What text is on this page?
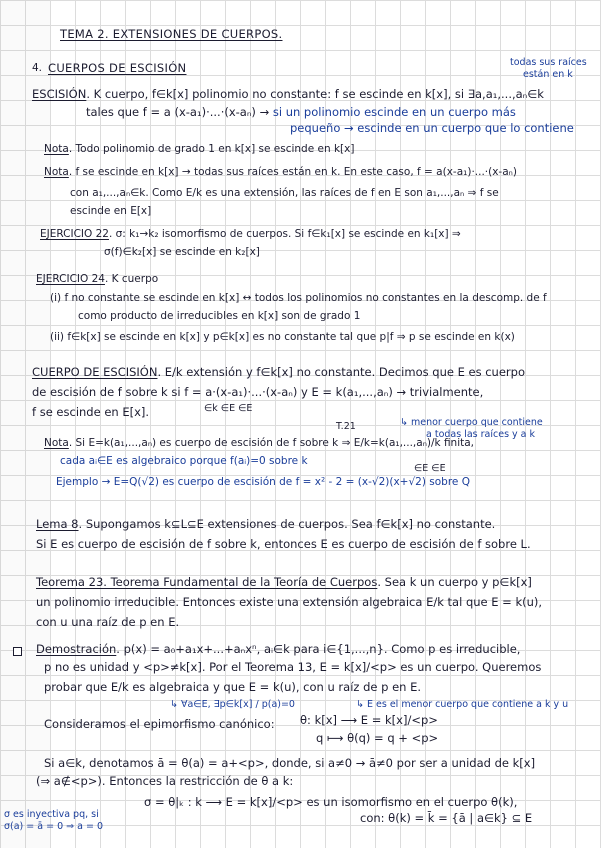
TEMA 2. EXTENSIONES DE CUERPOS.
4. CUERPOS DE ESCISIÓN	todas sus raíces
están en k
ESCISIÓN. K cuerpo, f∈k[x] polinomio no constante: f se escinde en k[x], si ∃a,a₁,...,aₙ∈k
tales que f = a (x-a₁)·...·(x-aₙ) → si un polinomio escinde en un cuerpo más
pequeño → escinde en un cuerpo que lo contiene
Nota. Todo polinomio de grado 1 en k[x] se escinde en k[x]
Nota. f se escinde en k[x] → todas sus raíces están en k. En este caso, f = a(x-a₁)·...·(x-aₙ)
con a₁,...,aₙ∈k. Como E/k es una extensión, las raíces de f en E son a₁,...,aₙ ⇒ f se
escinde en E[x]
EJERCICIO 22. σ: k₁→k₂ isomorfismo de cuerpos. Si f∈k₁[x] se escinde en k₁[x] ⇒
σ(f)∈k₂[x] se escinde en k₂[x]
EJERCICIO 24. K cuerpo
(i) f no constante se escinde en k[x] ↔ todos los polinomios no constantes en la descomp. de f
como producto de irreducibles en k[x] son de grado 1
(ii) f∈k[x] se escinde en k[x] y p∈k[x] es no constante tal que p|f ⇒ p se escinde en k(x)
CUERPO DE ESCISIÓN. E/k extensión y f∈k[x] no constante. Decimos que E es cuerpo
de escisión de f sobre k si f = a·(x-a₁)·...·(x-aₙ) y E = k(a₁,...,aₙ) → trivialmente,
∈k ∈E ∈E
f se escinde en E[x].
↳ menor cuerpo que contiene
a todas las raíces y a k
T.21
Nota. Si E=k(a₁,...,aₙ) es cuerpo de escisión de f sobre k ⇒ E/k=k(a₁,...,aₙ)/k finita,
cada aᵢ∈E es algebraico porque f(aᵢ)=0 sobre k
∈E ∈E
Ejemplo → E=Q(√2) es cuerpo de escisión de f = x² - 2 = (x-√2)(x+√2) sobre Q
Lema 8. Supongamos k⊆L⊆E extensiones de cuerpos. Sea f∈k[x] no constante.
Si E es cuerpo de escisión de f sobre k, entonces E es cuerpo de escisión de f sobre L.
Teorema 23. Teorema Fundamental de la Teoría de Cuerpos. Sea k un cuerpo y p∈k[x]
un polinomio irreducible. Entonces existe una extensión algebraica E/k tal que E = k(u),
con u una raíz de p en E.
Demostración. p(x) = a₀+a₁x+...+aₙxⁿ, aᵢ∈k para i∈{1,...,n}. Como p es irreducible,
p no es unidad y <p>≠k[x]. Por el Teorema 13, E = k[x]/<p> es un cuerpo. Queremos
probar que E/k es algebraica y que E = k(u), con u raíz de p en E.
↳ ∀a∈E, ∃p∈k[x] / p(a)=0	↳ E es el menor cuerpo que contiene a k y u
Consideramos el epimorfismo canónico: θ: k[x] ⟶ E = k[x]/<p>
q ⟼ θ(q) = q + <p>
Si a∈k, denotamos ā = θ(a) = a+<p>, donde, si a≠0 → ā≠0 por ser a unidad de k[x]
(⇒ a∉<p>). Entonces la restricción de θ a k:
σ = θ|ₖ : k ⟶ E = k[x]/<p> es un isomorfismo en el cuerpo θ(k),
con: θ(k) = k̄ = {ā | a∈k} ⊆ E
σ es inyectiva pq, si
σ(a) = ā = 0 ⇒ a = 0
